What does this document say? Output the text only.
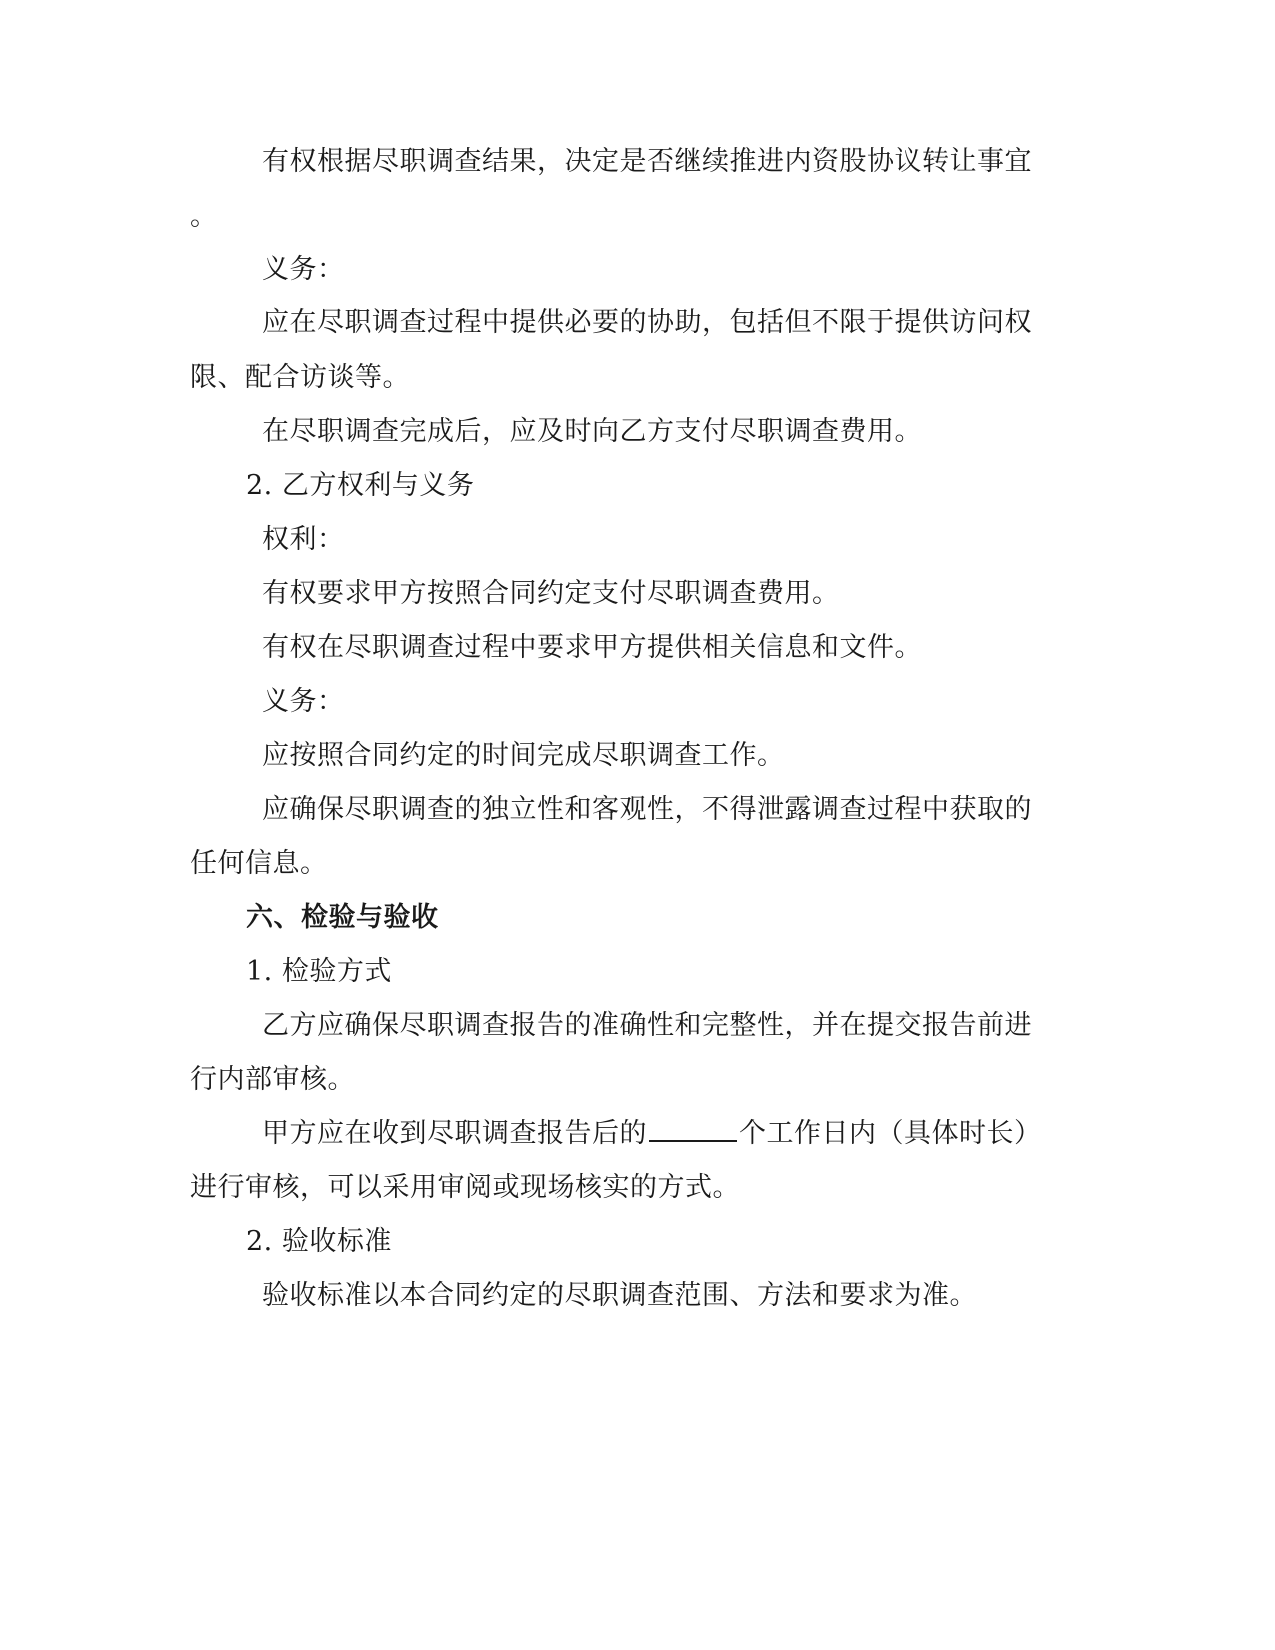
有权根据尽职调查结果，决定是否继续推进内资股协议转让事宜
。
义务：
应在尽职调查过程中提供必要的协助，包括但不限于提供访问权
限、配合访谈等。
在尽职调查完成后，应及时向乙方支付尽职调查费用。
2. 乙方权利与义务
权利：
有权要求甲方按照合同约定支付尽职调查费用。
有权在尽职调查过程中要求甲方提供相关信息和文件。
义务：
应按照合同约定的时间完成尽职调查工作。
应确保尽职调查的独立性和客观性，不得泄露调查过程中获取的
任何信息。
六、检验与验收
1. 检验方式
乙方应确保尽职调查报告的准确性和完整性，并在提交报告前进
行内部审核。
甲方应在收到尽职调查报告后的	个工作日内（具体时长）
进行审核，可以采用审阅或现场核实的方式。
2. 验收标准
验收标准以本合同约定的尽职调查范围、方法和要求为准。
